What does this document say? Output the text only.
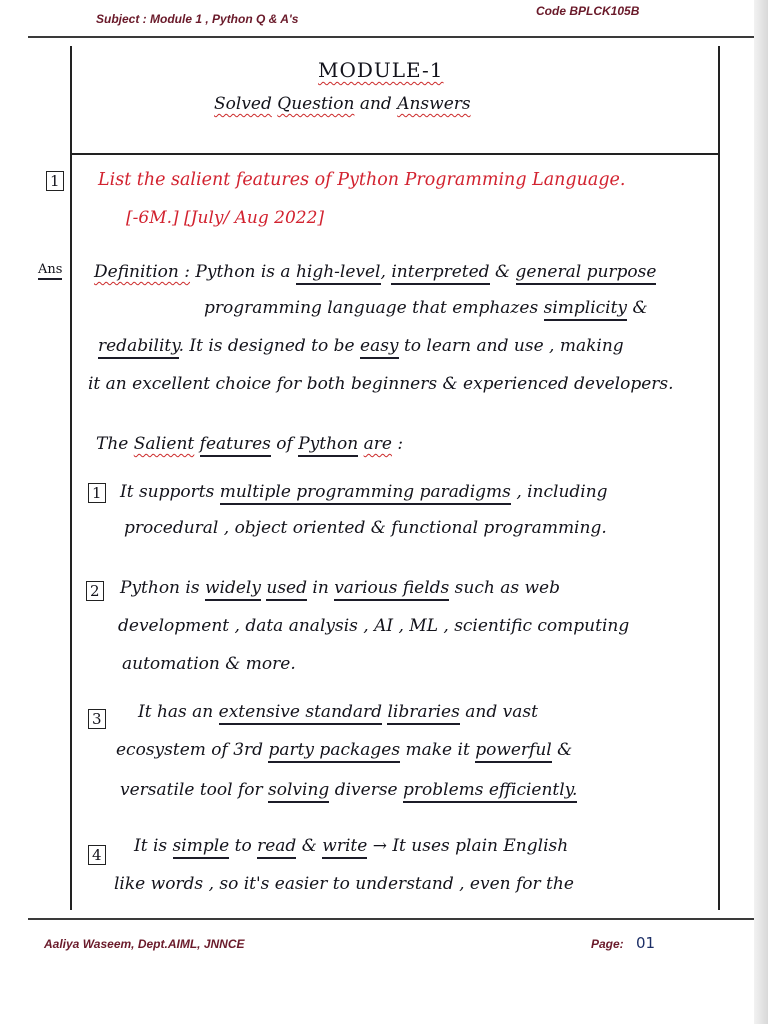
Subject : Module 1 , Python Q & A's
Code BPLCK105B
MODULE-1
Solved Question and Answers
1 List the salient features of Python Programming Language.
[-6M.] [July/ Aug 2022]
Ans Definition : Python is a high-level, interpreted & general purpose
programming language that emphazes simplicity &
redability. It is designed to be easy to learn and use , making
it an excellent choice for both beginners & experienced developers.
The Salient features of Python are :
1 It supports multiple programming paradigms , including
procedural , object oriented & functional programming.
2 Python is widely used in various fields such as web
development , data analysis , AI , ML , scientific computing
automation & more.
3 It has an extensive standard libraries and vast
ecosystem of 3rd party packages make it powerful &
versatile tool for solving diverse problems efficiently.
4 It is simple to read & write → It uses plain English
like words , so it's easier to understand , even for the
Aaliya Waseem, Dept.AIML, JNNCE	Page: 01
